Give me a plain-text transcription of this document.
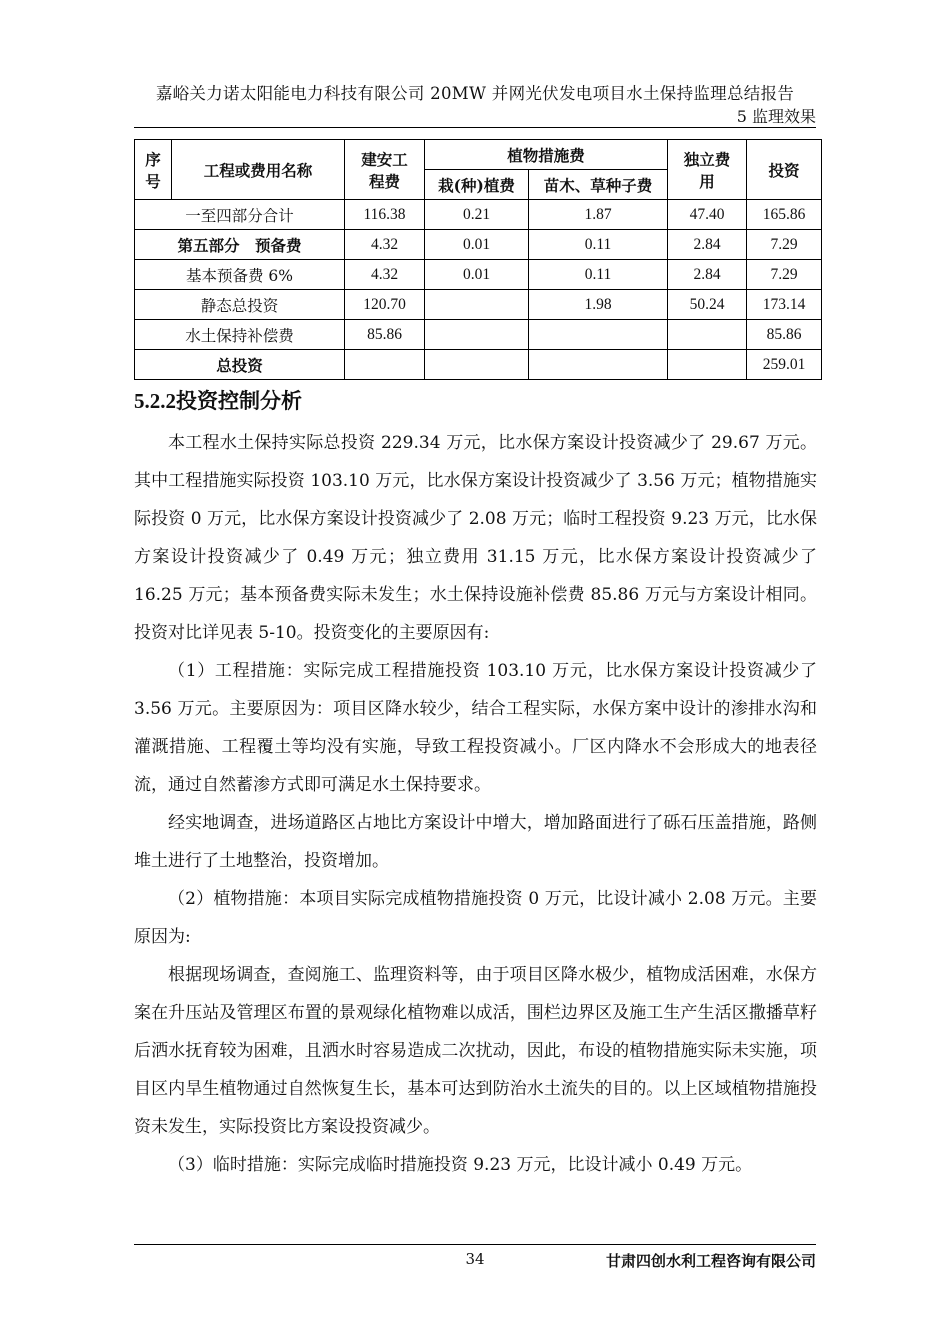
嘉峪关力诺太阳能电力科技有限公司 20MW 并网光伏发电项目水土保持监理总结报告
5 监理效果
序号	工程或费用名称	建安工程费	植物措施费		独立费用	投资
			栽(种)植费	苗木、草种子费		
一至四部分合计		116.38	0.21	1.87	47.40	165.86
第五部分　预备费		4.32	0.01	0.11	2.84	7.29
基本预备费 6%		4.32	0.01	0.11	2.84	7.29
静态总投资		120.70		1.98	50.24	173.14
水土保持补偿费		85.86				85.86
总投资						259.01
5.2.2投资控制分析

本工程水土保持实际总投资 229.34 万元，比水保方案设计投资减少了 29.67 万元。其中工程措施实际投资 103.10 万元，比水保方案设计投资减少了 3.56 万元；植物措施实际投资 0 万元，比水保方案设计投资减少了 2.08 万元；临时工程投资 9.23 万元，比水保方案设计投资减少了 0.49 万元；独立费用 31.15 万元，比水保方案设计投资减少了 16.25 万元；基本预备费实际未发生；水土保持设施补偿费 85.86 万元与方案设计相同。投资对比详见表 5-10。投资变化的主要原因有:

（1）工程措施：实际完成工程措施投资 103.10 万元，比水保方案设计投资减少了 3.56 万元。主要原因为：项目区降水较少，结合工程实际，水保方案中设计的渗排水沟和灌溉措施、工程覆土等均没有实施，导致工程投资减小。厂区内降水不会形成大的地表径流，通过自然蓄渗方式即可满足水土保持要求。

经实地调查，进场道路区占地比方案设计中增大，增加路面进行了砾石压盖措施，路侧堆土进行了土地整治，投资增加。

（2）植物措施：本项目实际完成植物措施投资 0 万元，比设计减小 2.08 万元。主要原因为:

根据现场调查，查阅施工、监理资料等，由于项目区降水极少，植物成活困难，水保方案在升压站及管理区布置的景观绿化植物难以成活，围栏边界区及施工生产生活区撒播草籽后洒水抚育较为困难，且洒水时容易造成二次扰动，因此，布设的植物措施实际未实施，项目区内旱生植物通过自然恢复生长，基本可达到防治水土流失的目的。以上区域植物措施投资未发生，实际投资比方案设投资减少。

（3）临时措施：实际完成临时措施投资 9.23 万元，比设计减小 0.49 万元。

34	甘肃四创水利工程咨询有限公司
